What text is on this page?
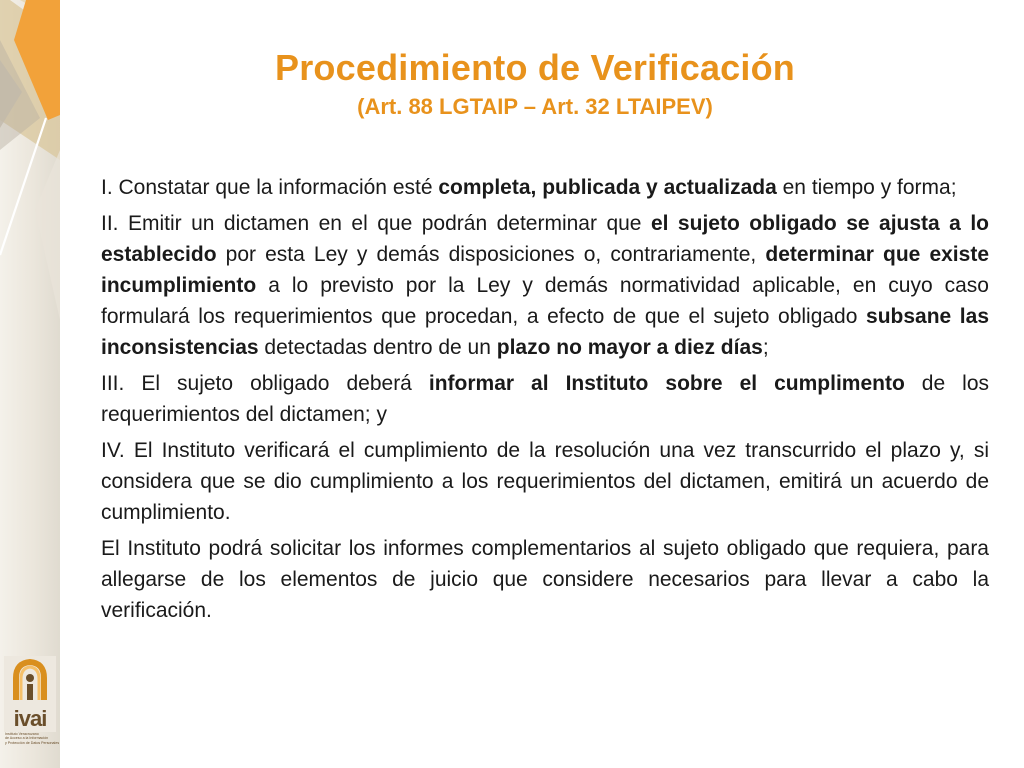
ivai
Instituto Veracruzano
de Acceso a la Información
y Protección de Datos Personales
Procedimiento de Verificación

(Art. 88 LGTAIP – Art. 32 LTAIPEV)

I. Constatar que la información esté completa, publicada y actualizada en tiempo y forma;

II. Emitir un dictamen en el que podrán determinar que el sujeto obligado se ajusta a lo establecido por esta Ley y demás disposiciones o, contrariamente, determinar que existe incumplimiento a lo previsto por la Ley y demás normatividad aplicable, en cuyo caso formulará los requerimientos que procedan, a efecto de que el sujeto obligado subsane las inconsistencias detectadas dentro de un plazo no mayor a diez días;

III. El sujeto obligado deberá informar al Instituto sobre el cumplimento de los requerimientos del dictamen; y

IV. El Instituto verificará el cumplimiento de la resolución una vez transcurrido el plazo y, si considera que se dio cumplimiento a los requerimientos del dictamen, emitirá un acuerdo de cumplimiento.

El Instituto podrá solicitar los informes complementarios al sujeto obligado que requiera, para allegarse de los elementos de juicio que considere necesarios para llevar a cabo la verificación.
